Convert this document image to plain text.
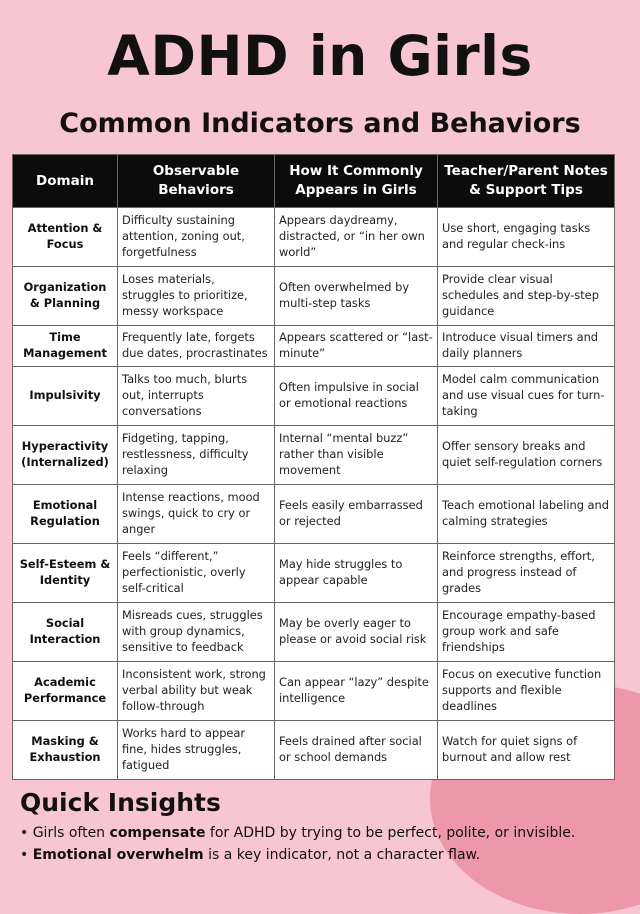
ADHD in Girls
Common Indicators and Behaviors
Domain	Observable Behaviors	How It Commonly Appears in Girls	Teacher/Parent Notes & Support Tips
Attention & Focus	Difficulty sustaining attention, zoning out, forgetfulness	Appears daydreamy, distracted, or “in her own world”	Use short, engaging tasks and regular check-ins
Organization & Planning	Loses materials, struggles to prioritize, messy workspace	Often overwhelmed by multi-step tasks	Provide clear visual schedules and step-by-step guidance
Time Management	Frequently late, forgets due dates, procrastinates	Appears scattered or “last-minute”	Introduce visual timers and daily planners
Impulsivity	Talks too much, blurts out, interrupts conversations	Often impulsive in social or emotional reactions	Model calm communication and use visual cues for turn-taking
Hyperactivity (Internalized)	Fidgeting, tapping, restlessness, difficulty relaxing	Internal “mental buzz” rather than visible movement	Offer sensory breaks and quiet self-regulation corners
Emotional Regulation	Intense reactions, mood swings, quick to cry or anger	Feels easily embarrassed or rejected	Teach emotional labeling and calming strategies
Self-Esteem & Identity	Feels “different,” perfectionistic, overly self-critical	May hide struggles to appear capable	Reinforce strengths, effort, and progress instead of grades
Social Interaction	Misreads cues, struggles with group dynamics, sensitive to feedback	May be overly eager to please or avoid social risk	Encourage empathy-based group work and safe friendships
Academic Performance	Inconsistent work, strong verbal ability but weak follow-through	Can appear “lazy” despite intelligence	Focus on executive function supports and flexible deadlines
Masking & Exhaustion	Works hard to appear fine, hides struggles, fatigued	Feels drained after social or school demands	Watch for quiet signs of burnout and allow rest
Quick Insights
• Girls often compensate for ADHD by trying to be perfect, polite, or invisible.
• Emotional overwhelm is a key indicator, not a character flaw.
